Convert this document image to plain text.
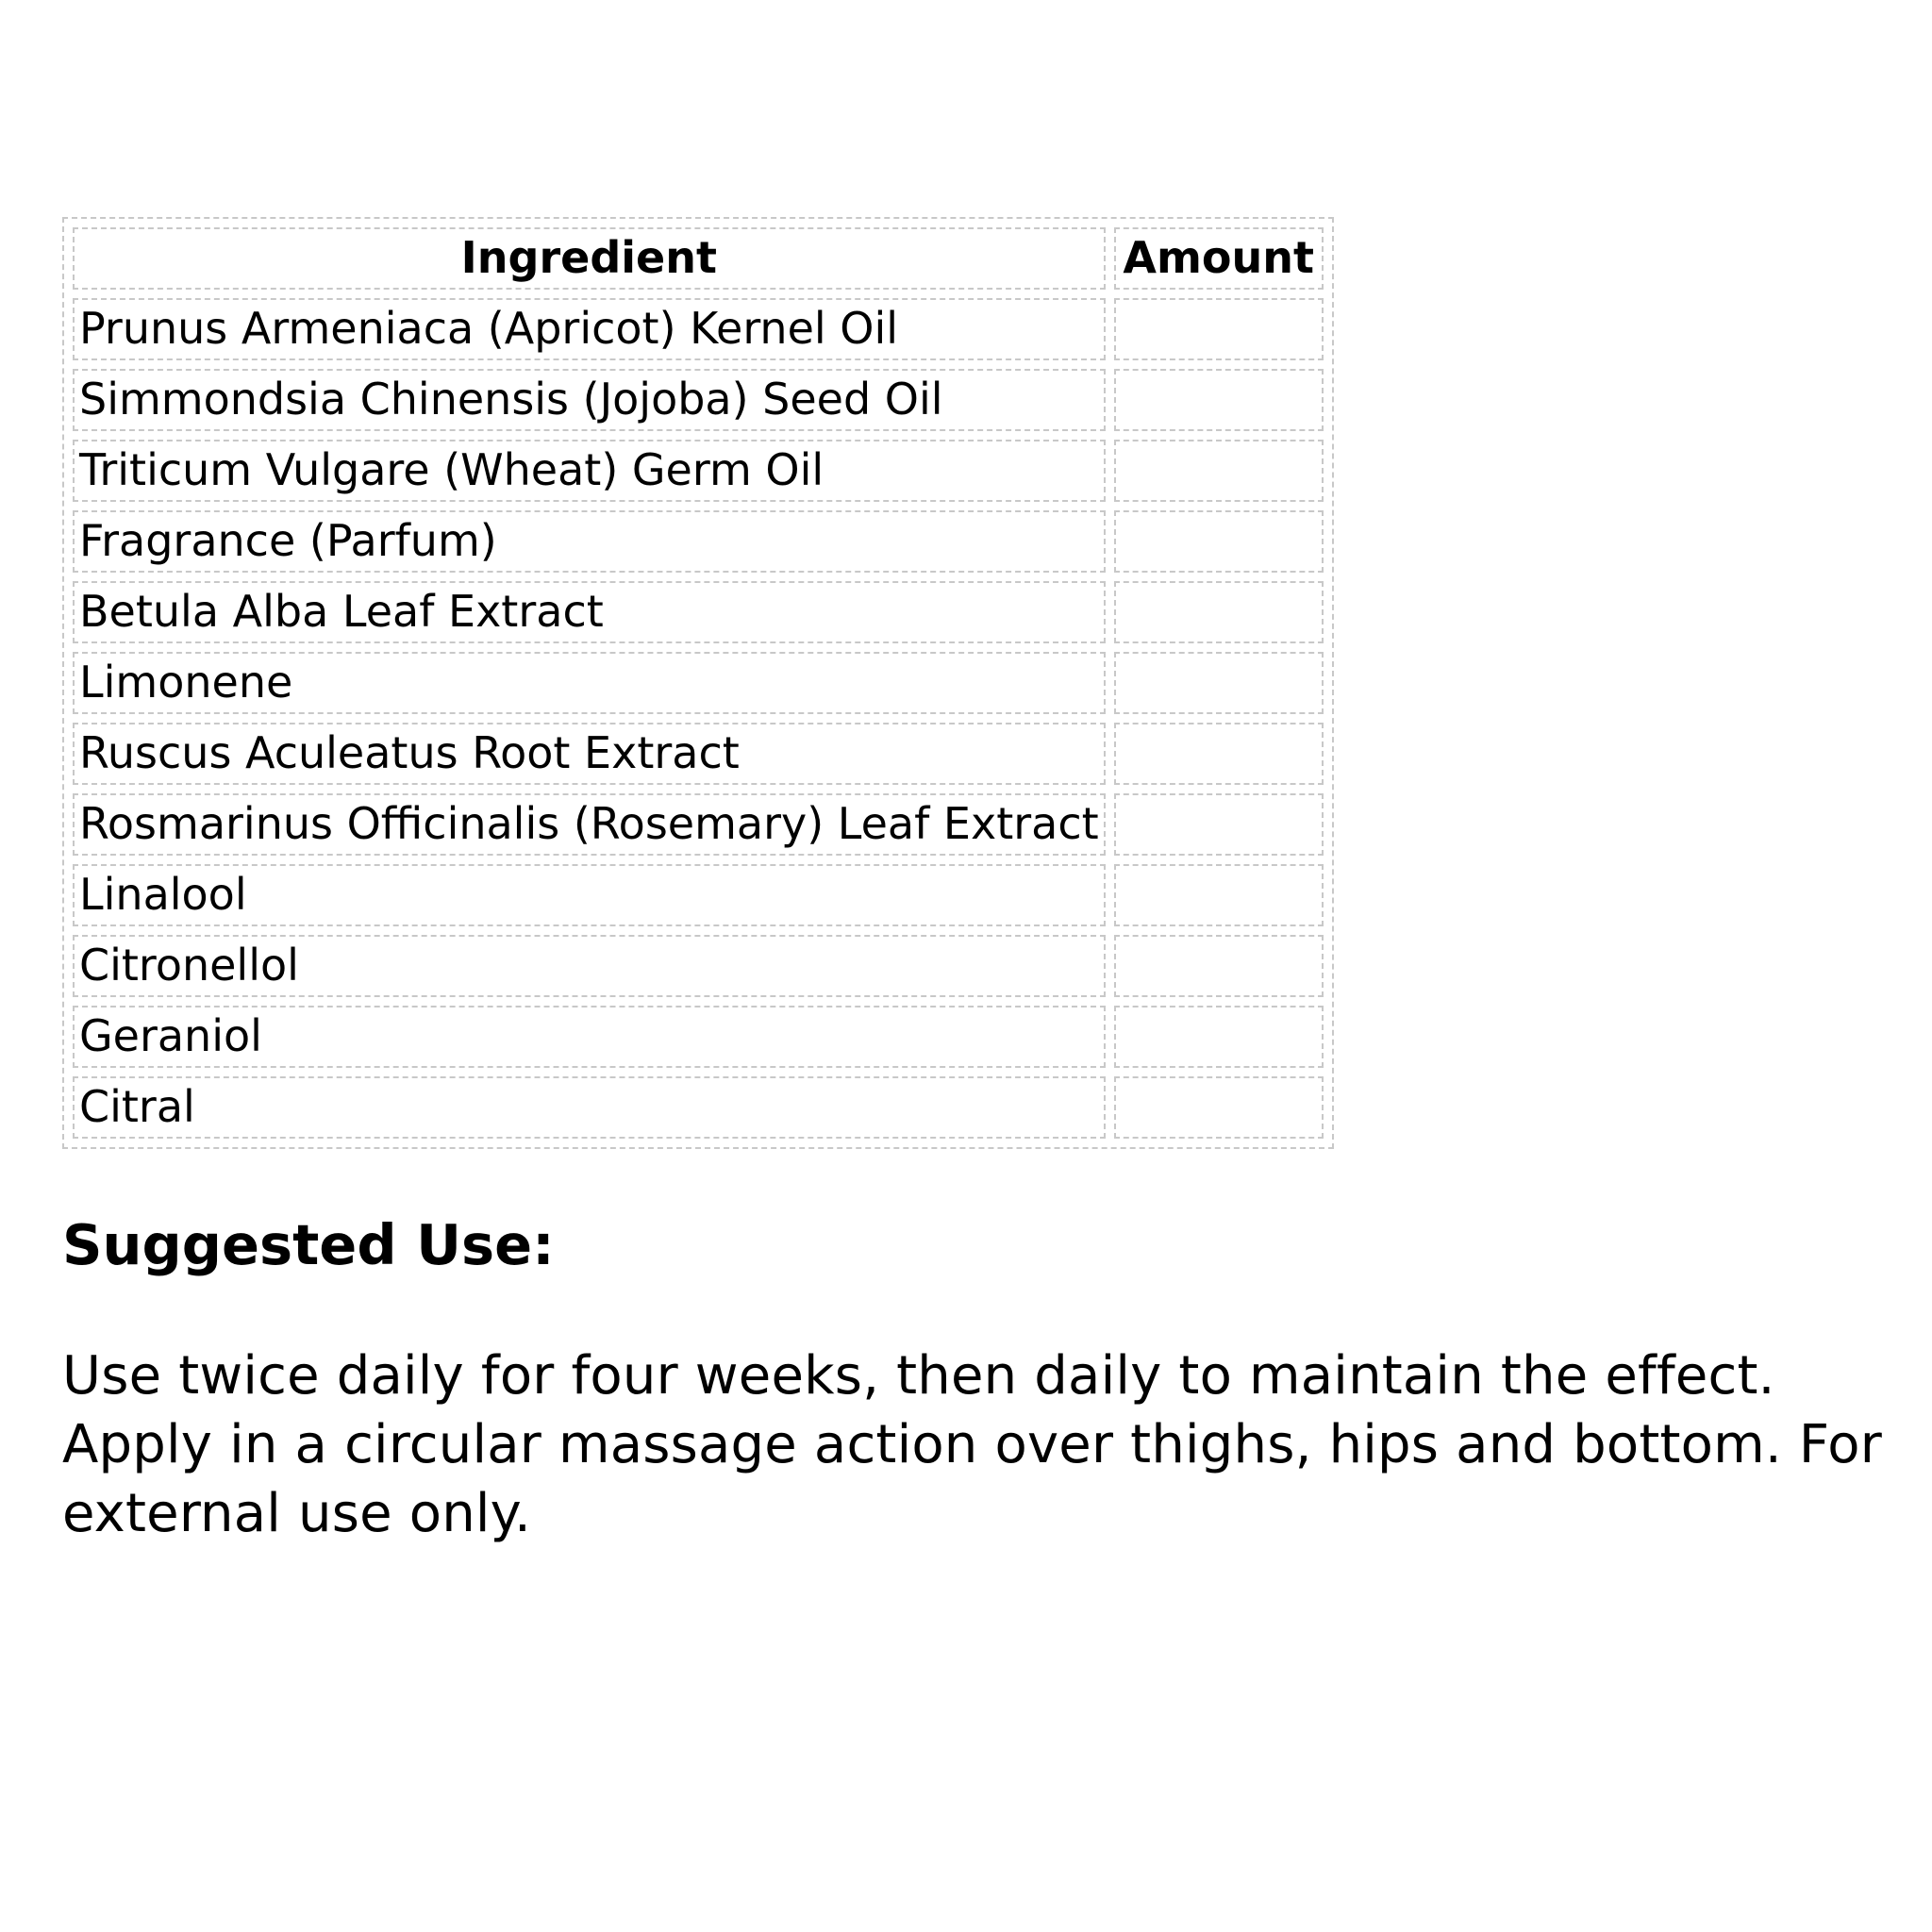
Ingredient	Amount
Prunus Armeniaca (Apricot) Kernel Oil	
Simmondsia Chinensis (Jojoba) Seed Oil	
Triticum Vulgare (Wheat) Germ Oil	
Fragrance (Parfum)	
Betula Alba Leaf Extract	
Limonene	
Ruscus Aculeatus Root Extract	
Rosmarinus Officinalis (Rosemary) Leaf Extract	
Linalool	
Citronellol	
Geraniol	
Citral	
Suggested Use:

Use twice daily for four weeks, then daily to maintain the effect. Apply in a circular massage action over thighs, hips and bottom. For external use only.
